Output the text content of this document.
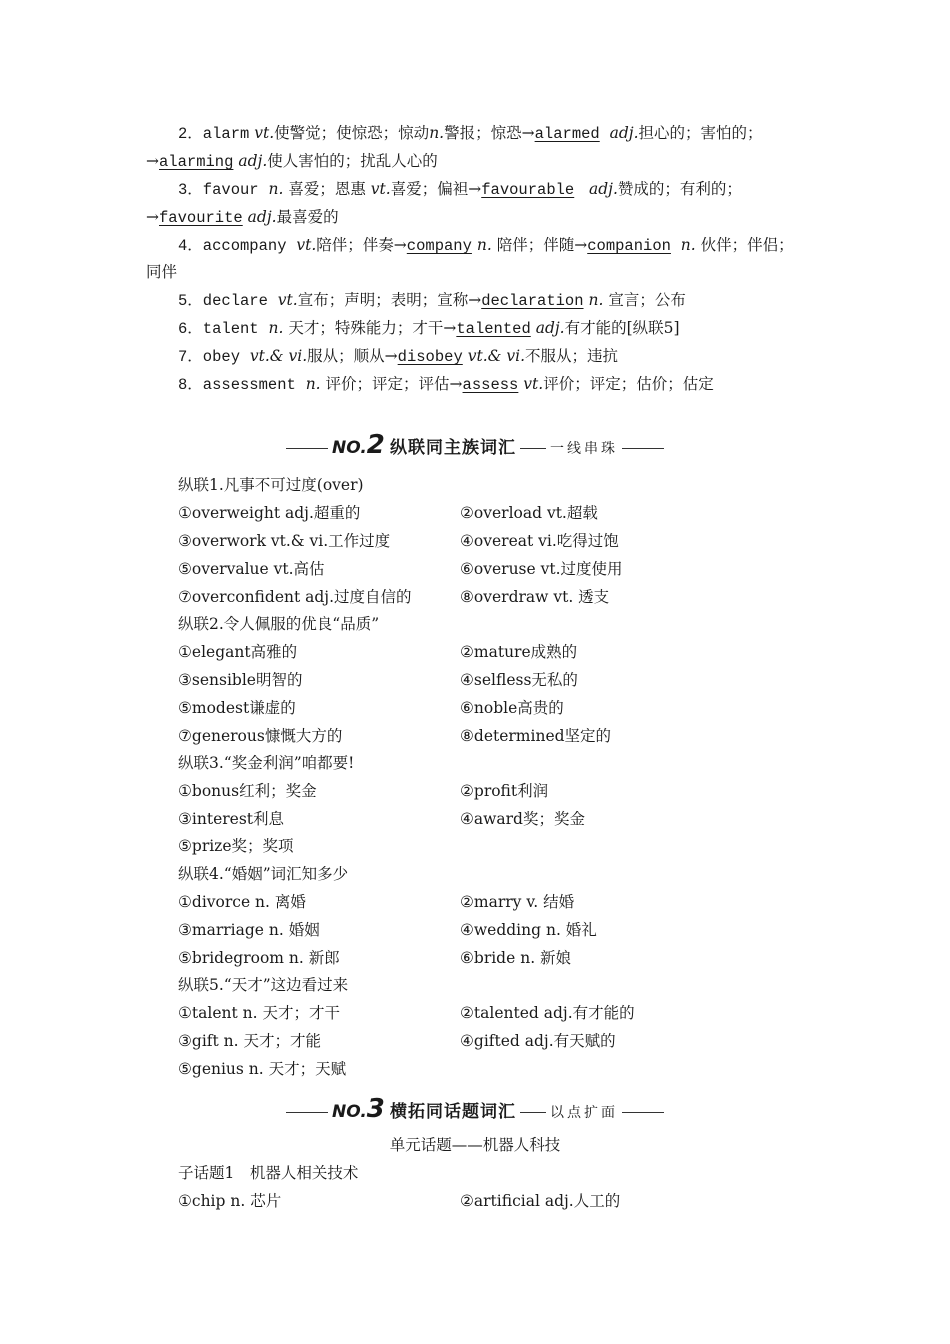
2．alarm vt.使警觉；使惊恐；惊动n.警报；惊恐→alarmed adj.担心的；害怕的；
→alarming adj.使人害怕的；扰乱人心的
3．favour n. 喜爱；恩惠 vt.喜爱；偏袒→favourable adj.赞成的；有利的；
→favourite adj.最喜爱的
4．accompany vt.陪伴；伴奏→company n. 陪伴；伴随→companion n. 伙伴；伴侣；
同伴
5．declare vt.宣布；声明；表明；宣称→declaration n. 宣言；公布
6．talent n. 天才；特殊能力；才干→talented adj.有才能的[纵联5]
7．obey vt.& vi.服从；顺从→disobey vt.& vi.不服从；违抗
8．assessment n. 评价；评定；评估→assess vt.评价；评定；估价；估定
NO.2 纵联同主族词汇 一线串珠
纵联1.凡事不可过度(over)
①overweight adj.超重的	②overload vt.超载
③overwork vt.& vi.工作过度	④overeat vi.吃得过饱
⑤overvalue vt.高估	⑥overuse vt.过度使用
⑦overconfident adj.过度自信的	⑧overdraw vt. 透支
纵联2.令人佩服的优良“品质”
①elegant高雅的	②mature成熟的
③sensible明智的	④selfless无私的
⑤modest谦虚的	⑥noble高贵的
⑦generous慷慨大方的	⑧determined坚定的
纵联3.“奖金利润”咱都要!
①bonus红利；奖金	②profit利润
③interest利息	④award奖；奖金
⑤prize奖；奖项
纵联4.“婚姻”词汇知多少
①divorce n. 离婚	②marry v. 结婚
③marriage n. 婚姻	④wedding n. 婚礼
⑤bridegroom n. 新郎	⑥bride n. 新娘
纵联5.“天才”这边看过来
①talent n. 天才；才干	②talented adj.有才能的
③gift n. 天才；才能	④gifted adj.有天赋的
⑤genius n. 天才；天赋
NO.3 横拓同话题词汇 以点扩面
单元话题——机器人科技
子话题1　机器人相关技术
①chip n. 芯片	②artificial adj.人工的
